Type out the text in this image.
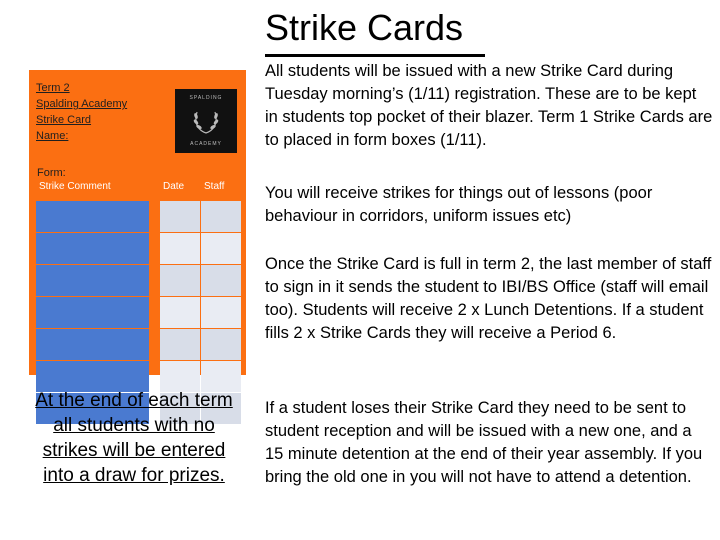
Strike Cards
Term 2
Spalding Academy
Strike Card
Name:
SPALDING
ACADEMY
Form:
Strike Comment	Date	Staff
At the end of each term all students with no strikes will be entered into a draw for prizes.
All students will be issued with a new Strike Card during Tuesday morning’s (1/11) registration. These are to be kept in students top pocket of their blazer. Term 1 Strike Cards are to placed in form boxes (1/11).
You will receive strikes for things out of lessons (poor behaviour in corridors, uniform issues etc)
Once the Strike Card is full in term 2, the last member of staff to sign in it sends the student to IBI/BS Office (staff will email too). Students will receive 2 x Lunch Detentions. If a student fills 2 x Strike Cards they will receive a Period 6.
If a student loses their Strike Card they need to be sent to student reception and will be issued with a new one, and a 15 minute detention at the end of their year assembly. If you bring the old one in you will not have to attend a detention.
